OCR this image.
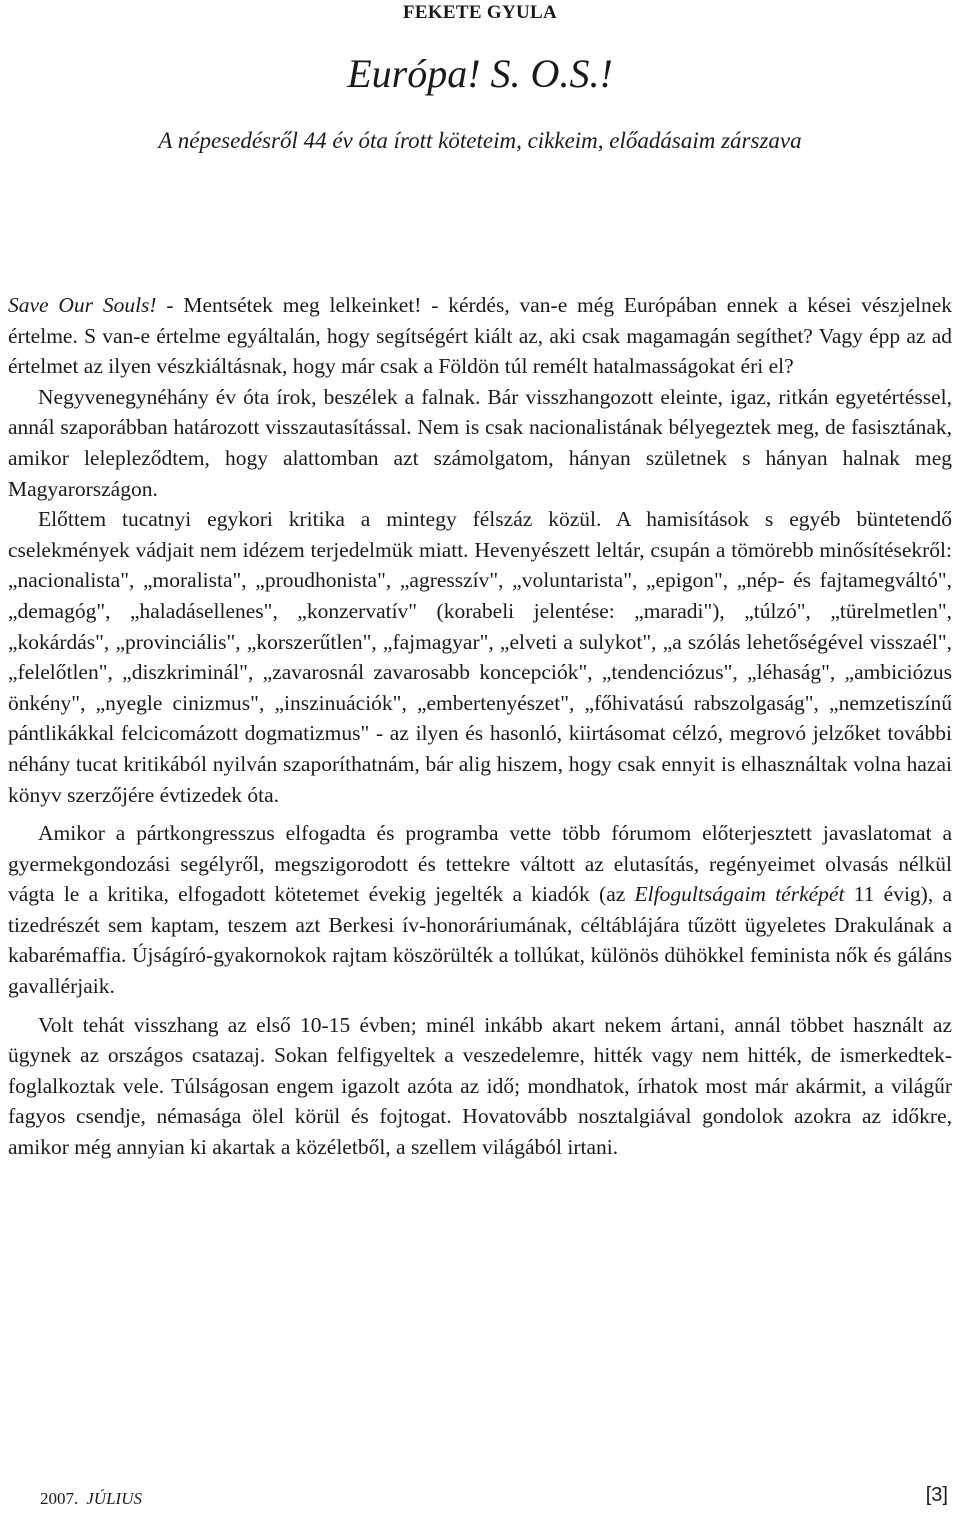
FEKETE GYULA
Európa! S. O.S.!
A népesedésről 44 év óta írott köteteim, cikkeim, előadásaim zárszava

Save Our Souls! - Mentsétek meg lelkeinket! - kérdés, van-e még Európában ennek a kései vészjelnek értelme. S van-e értelme egyáltalán, hogy segítségért kiált az, aki csak magamagán segíthet? Vagy épp az ad értelmet az ilyen vészkiáltásnak, hogy már csak a Földön túl remélt hatalmasságokat éri el?

Negyvenegynéhány év óta írok, beszélek a falnak. Bár visszhangozott eleinte, igaz, ritkán egyetértéssel, annál szaporábban határozott visszautasítással. Nem is csak nacionalistának bélyegeztek meg, de fasisztának, amikor lelepleződtem, hogy alattomban azt számolgatom, hányan születnek s hányan halnak meg Magyarországon.

Előttem tucatnyi egykori kritika a mintegy félszáz közül. A hamisítások s egyéb büntetendő cselekmények vádjait nem idézem terjedelmük miatt. Hevenyészett leltár, csupán a tömörebb minősítésekről: „nacionalista", „moralista", „proudhonista", „agresszív", „voluntarista", „epigon", „nép- és fajtamegváltó", „demagóg", „haladásellenes", „konzervatív" (korabeli jelentése: „maradi"), „túlzó", „türelmetlen", „kokárdás", „provinciális", „korszerűtlen", „fajmagyar", „elveti a sulykot", „a szólás lehetőségével visszaél", „felelőtlen", „diszkriminál", „zavarosnál zavarosabb koncepciók", „tendenciózus", „léhaság", „ambiciózus önkény", „nyegle cinizmus", „inszinuációk", „embertenyészet", „főhivatású rabszolgaság", „nemzetiszínű pántlikákkal felcicomázott dogmatizmus" - az ilyen és hasonló, kiirtásomat célzó, megrovó jelzőket további néhány tucat kritikából nyilván szaporíthatnám, bár alig hiszem, hogy csak ennyit is elhasználtak volna hazai könyv szerzőjére évtizedek óta.

Amikor a pártkongresszus elfogadta és programba vette több fórumom előterjesztett javaslatomat a gyermekgondozási segélyről, megszigorodott és tettekre váltott az elutasítás, regényeimet olvasás nélkül vágta le a kritika, elfogadott kötetemet évekig jegelték a kiadók (az Elfogultságaim térképét 11 évig), a tizedrészét sem kaptam, teszem azt Berkesi ív-honoráriumának, céltáblájára tűzött ügyeletes Drakulának a kabarémaffia. Újságíró-gyakornokok rajtam köszörülték a tollúkat, különös dühökkel feminista nők és gáláns gavallérjaik.

Volt tehát visszhang az első 10-15 évben; minél inkább akart nekem ártani, annál többet használt az ügynek az országos csatazaj. Sokan felfigyeltek a veszedelemre, hitték vagy nem hitték, de ismerkedtek-foglalkoztak vele. Túlságosan engem igazolt azóta az idő; mondhatok, írhatok most már akármit, a világűr fagyos csendje, némasága ölel körül és fojtogat. Hovatovább nosztalgiával gondolok azokra az időkre, amikor még annyian ki akartak a közéletből, a szellem világából irtani.

2007. JÚLIUS	[3]
